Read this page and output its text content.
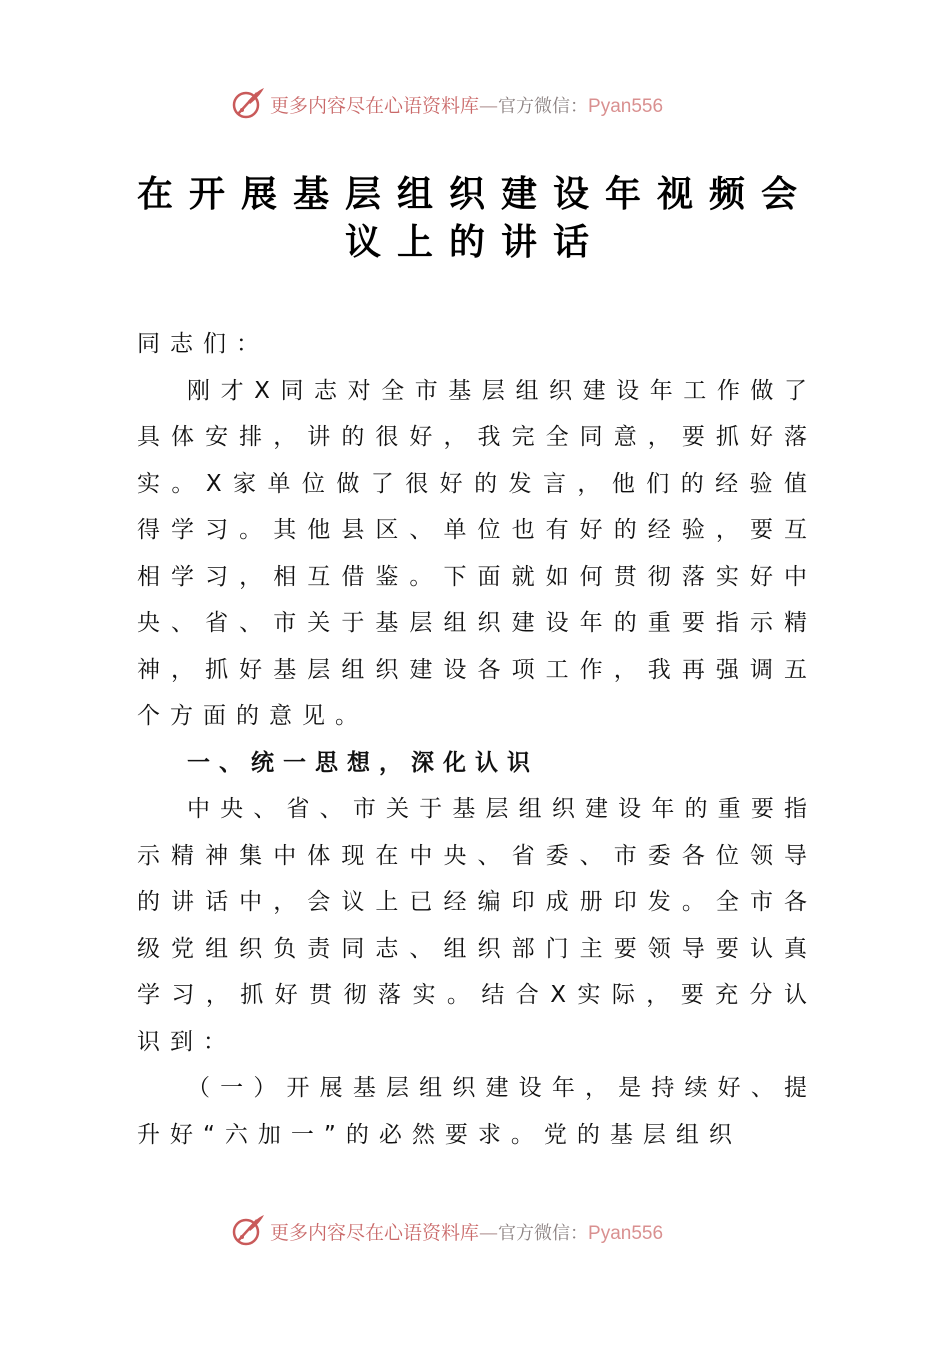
更多内容尽在心语资料库—官方微信：Pyan556
在开展基层组织建设年视频会
议上的讲话

同志们：

刚才X同志对全市基层组织建设年工作做了具体安排，讲的很好，我完全同意，要抓好落实。X家单位做了很好的发言，他们的经验值得学习。其他县区、单位也有好的经验，要互相学习，相互借鉴。下面就如何贯彻落实好中央、省、市关于基层组织建设年的重要指示精神，抓好基层组织建设各项工作，我再强调五个方面的意见。

一、统一思想，深化认识

中央、省、市关于基层组织建设年的重要指示精神集中体现在中央、省委、市委各位领导的讲话中，会议上已经编印成册印发。全市各级党组织负责同志、组织部门主要领导要认真学习，抓好贯彻落实。结合X实际，要充分认识到：

（一）开展基层组织建设年，是持续好、提升好“六加一”的必然要求。党的基层组织

更多内容尽在心语资料库—官方微信：Pyan556
